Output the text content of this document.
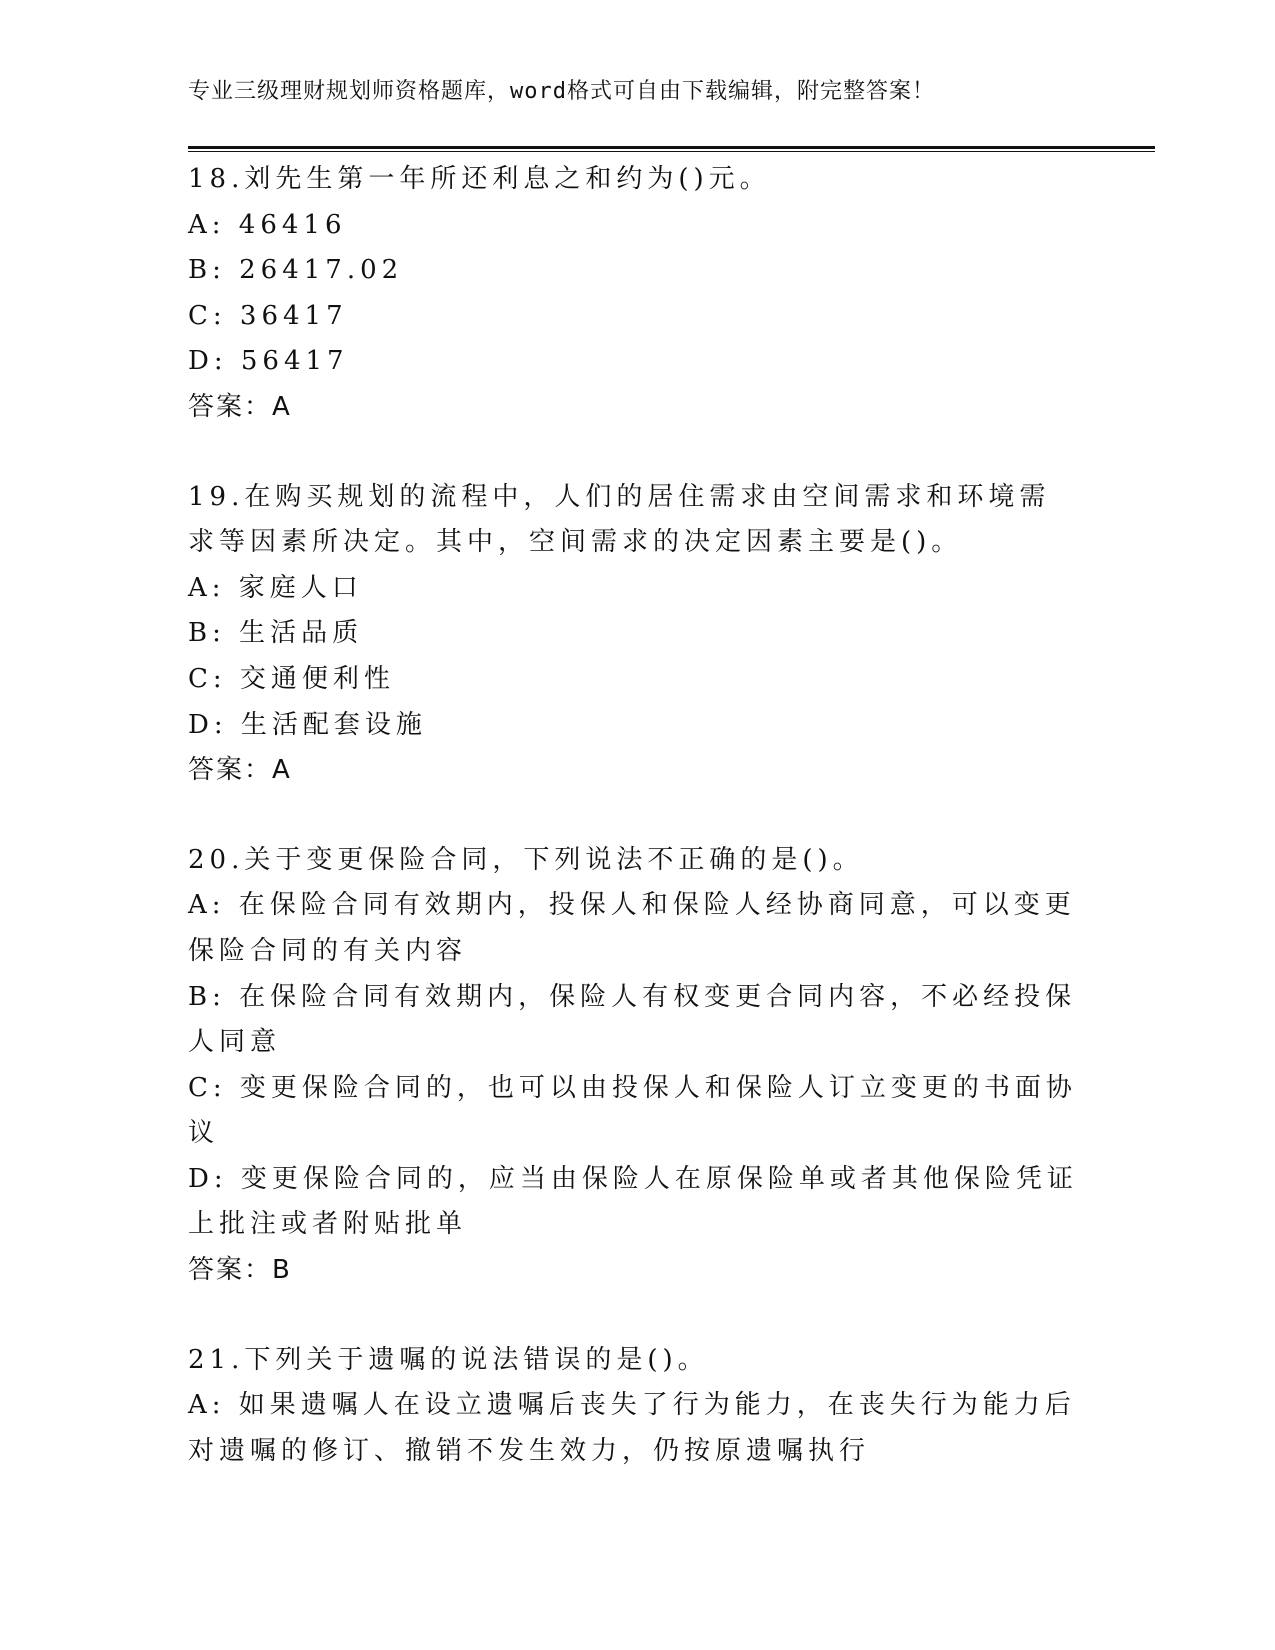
专业三级理财规划师资格题库，word格式可自由下载编辑，附完整答案！
18.刘先生第一年所还利息之和约为()元。
A: 46416
B: 26417.02
C: 36417
D: 56417
答案：A
19.在购买规划的流程中，人们的居住需求由空间需求和环境需求等因素所决定。其中，空间需求的决定因素主要是()。
A: 家庭人口
B: 生活品质
C: 交通便利性
D: 生活配套设施
答案：A
20.关于变更保险合同，下列说法不正确的是()。
A: 在保险合同有效期内，投保人和保险人经协商同意，可以变更保险合同的有关内容
B: 在保险合同有效期内，保险人有权变更合同内容，不必经投保人同意
C: 变更保险合同的，也可以由投保人和保险人订立变更的书面协议
D: 变更保险合同的，应当由保险人在原保险单或者其他保险凭证上批注或者附贴批单
答案：B
21.下列关于遗嘱的说法错误的是()。
A: 如果遗嘱人在设立遗嘱后丧失了行为能力，在丧失行为能力后对遗嘱的修订、撤销不发生效力，仍按原遗嘱执行
